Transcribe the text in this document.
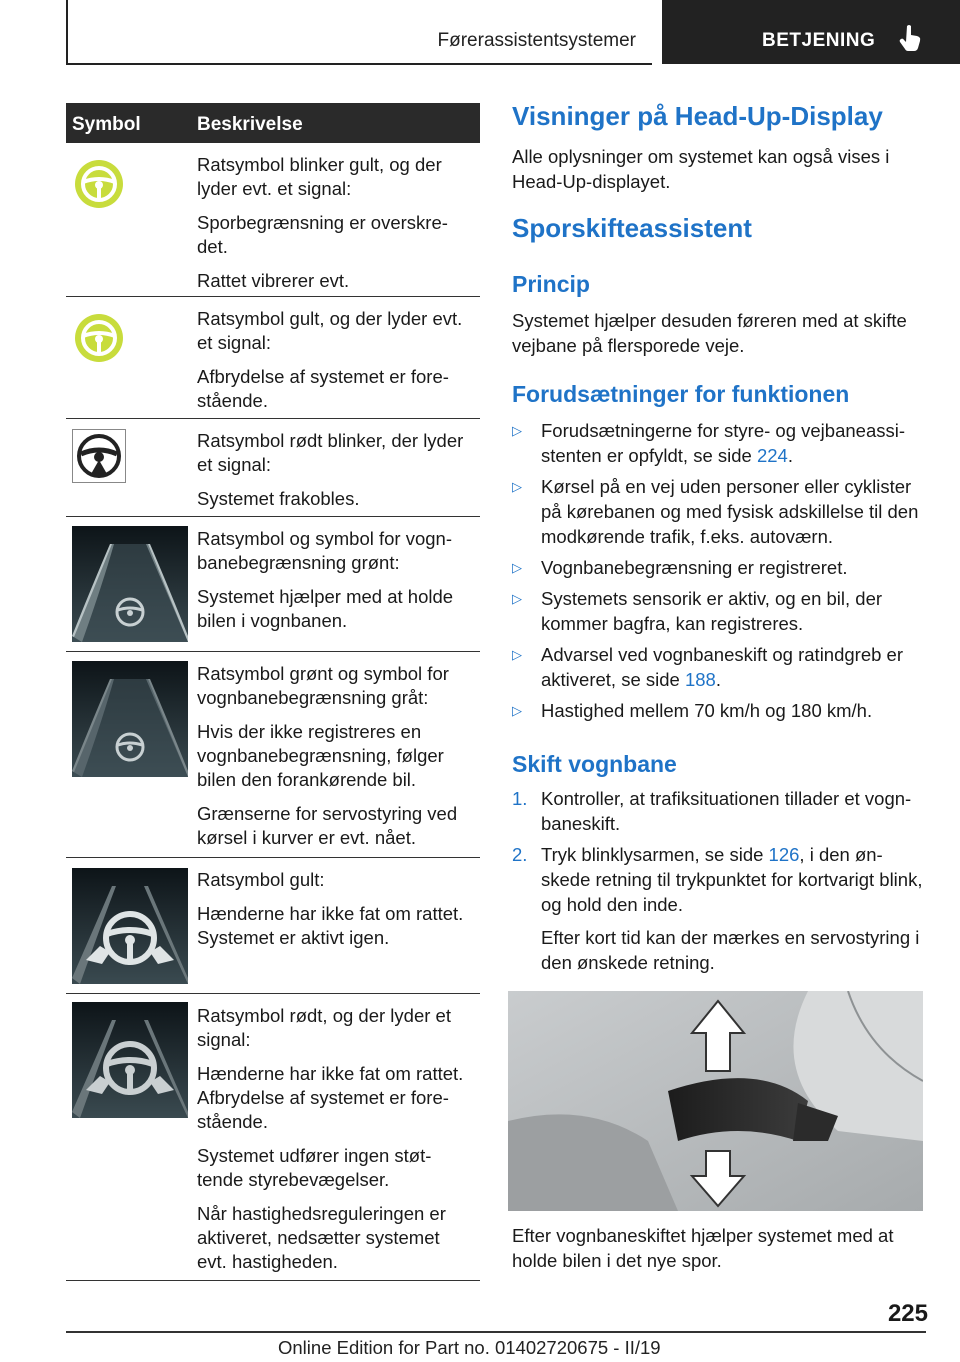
Førerassistentsystemer	BETJENING
Symbol	Beskrivelse

Ratsymbol blinker gult, og der lyder evt. et signal:

Sporbegrænsning er overskre-det.

Rattet vibrerer evt.

Ratsymbol gult, og der lyder evt. et signal:

Afbrydelse af systemet er fore-stående.

Ratsymbol rødt blinker, der lyder et signal:

Systemet frakobles.

Ratsymbol og symbol for vogn-banebegrænsning grønt:

Systemet hjælper med at holde bilen i vognbanen.

Ratsymbol grønt og symbol for vognbanebegrænsning gråt:

Hvis der ikke registreres en vognbanebegrænsning, følger bilen den forankørende bil.

Grænserne for servostyring ved kørsel i kurver er evt. nået.

Ratsymbol gult:

Hænderne har ikke fat om rattet. Systemet er aktivt igen.

Ratsymbol rødt, og der lyder et signal:

Hænderne har ikke fat om rattet. Afbrydelse af systemet er fore-stående.

Systemet udfører ingen støt-tende styrebevægelser.

Når hastighedsreguleringen er aktiveret, nedsætter systemet evt. hastigheden.

Visninger på Head-Up-Display

Alle oplysninger om systemet kan også vises i Head-Up-displayet.

Sporskifteassistent
Princip

Systemet hjælper desuden føreren med at skifte vejbane på flersporede veje.

Forudsætninger for funktionen
▷ Forudsætningerne for styre- og vejbaneassi-stenten er opfyldt, se side 224.
▷ Kørsel på en vej uden personer eller cyklister på kørebanen og med fysisk adskillelse til den modkørende trafik, f.eks. autoværn.
▷ Vognbanebegrænsning er registreret.
▷ Systemets sensorik er aktiv, og en bil, der kommer bagfra, kan registreres.
▷ Advarsel ved vognbaneskift og ratindgreb er aktiveret, se side 188.
▷ Hastighed mellem 70 km/h og 180 km/h.
Skift vognbane
1. Kontroller, at trafiksituationen tillader et vogn-baneskift.
2. Tryk blinklysarmen, se side 126, i den øn-skede retning til trykpunktet for kortvarigt blink, og hold den inde.
Efter kort tid kan der mærkes en servostyring i den ønskede retning.

Efter vognbaneskiftet hjælper systemet med at holde bilen i det nye spor.

225
Online Edition for Part no. 01402720675 - II/19
